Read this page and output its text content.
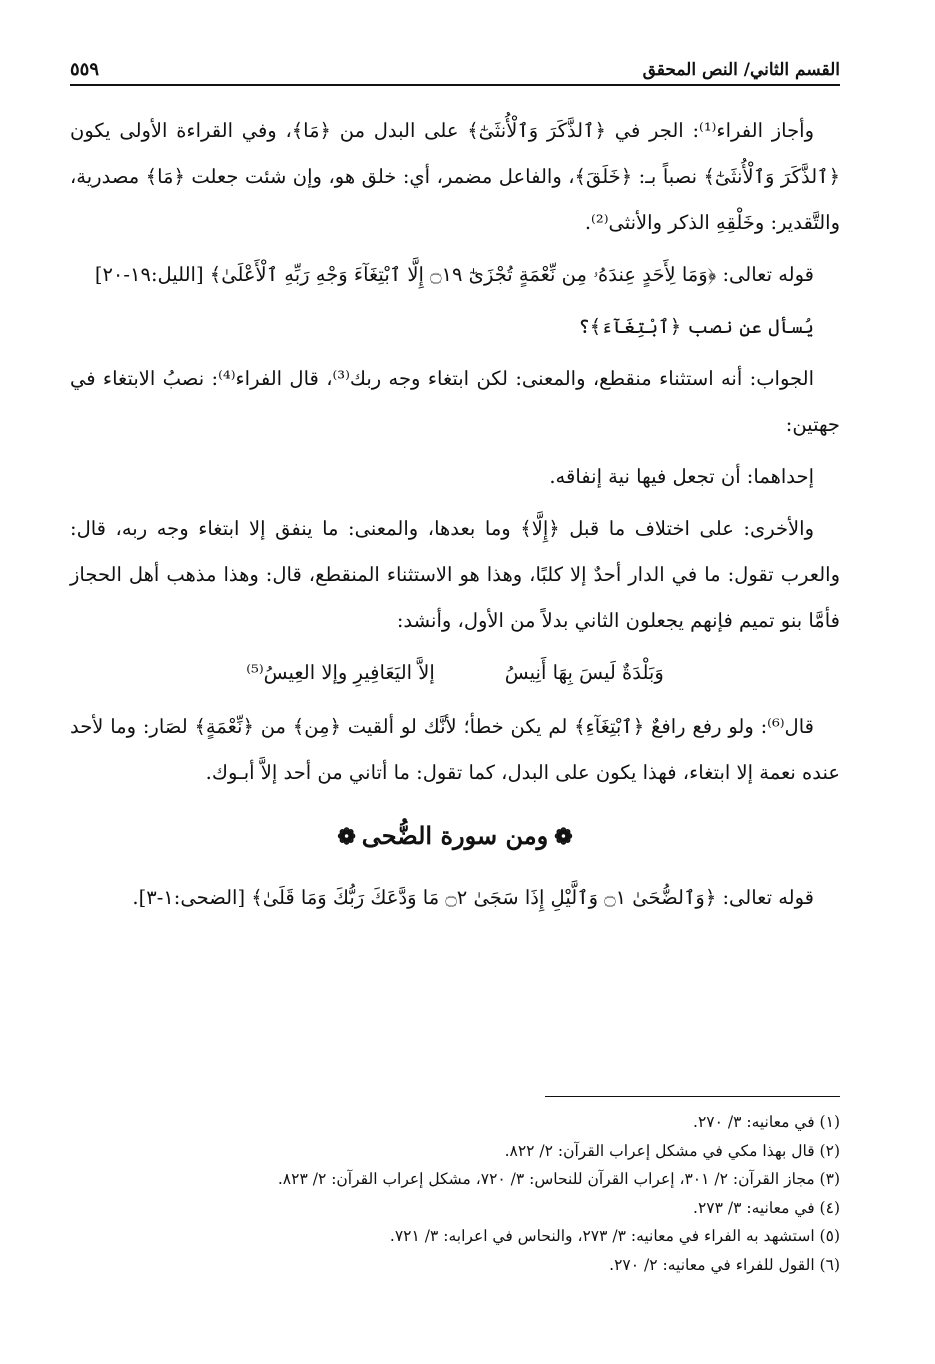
القسم الثاني/ النص المحقق
٥٥٩

وأجاز الفراء⁽¹⁾: الجر في ﴿ٱلذَّكَرَ وَٱلْأُنثَىٰٓ﴾ على البدل من ﴿مَا﴾، وفي القراءة الأولى يكون ﴿ٱلذَّكَرَ وَٱلْأُنثَىٰٓ﴾ نصباً بـ: ﴿خَلَقَ﴾، والفاعل مضمر، أي: خلق هو، وإن شئت جعلت ﴿مَا﴾ مصدرية، والتَّقدير: وخَلْقِهِ الذكر والأنثى⁽²⁾.

قوله تعالى: ﴿وَمَا لِأَحَدٍ عِندَهُۥ مِن نِّعْمَةٍ تُجْزَىٰٓ ۝١٩ إِلَّا ٱبْتِغَآءَ وَجْهِ رَبِّهِ ٱلْأَعْلَىٰ﴾ [الليل:١٩-٢٠]

يُسأل عن نصب ﴿ٱبْتِغَآءَ﴾؟

الجواب: أنه استثناء منقطع، والمعنى: لكن ابتغاء وجه ربك⁽³⁾، قال الفراء⁽⁴⁾: نصبُ الابتغاء في جهتين:

إحداهما: أن تجعل فيها نية إنفاقه.

والأخرى: على اختلاف ما قبل ﴿إِلَّا﴾ وما بعدها، والمعنى: ما ينفق إلا ابتغاء وجه ربه، قال: والعرب تقول: ما في الدار أحدٌ إلا كلبًا، وهذا هو الاستثناء المنقطع، قال: وهذا مذهب أهل الحجاز فأمَّا بنو تميم فإنهم يجعلون الثاني بدلاً من الأول، وأنشد:

وَبَلْدَةٌ لَيسَ بِهَا أَنِيسُ
إلاَّ اليَعَافِيرِ وإلا العِيسُ⁽⁵⁾

قال⁽⁶⁾: ولو رفع رافعٌ ﴿ٱبْتِغَآءِ﴾ لم يكن خطأ؛ لأنَّك لو ألقيت ﴿مِن﴾ من ﴿نِّعْمَةٍ﴾ لصَار: وما لأحد عنده نعمة إلا ابتغاء، فهذا يكون على البدل، كما تقول: ما أتاني من أحد إلاَّ أبـوك.

❁ومن سورة الضُّحى❁

قوله تعالى: ﴿وَٱلضُّحَىٰ ۝١ وَٱلَّيْلِ إِذَا سَجَىٰ ۝٢ مَا وَدَّعَكَ رَبُّكَ وَمَا قَلَىٰ﴾ [الضحى:١-٣].

(١) في معانيه: ٣/ ٢٧٠.
(٢) قال بهذا مكي في مشكل إعراب القرآن: ٢/ ٨٢٢.
(٣) مجاز القرآن: ٢/ ٣٠١، إعراب القرآن للنحاس: ٣/ ٧٢٠، مشكل إعراب القرآن: ٢/ ٨٢٣.
(٤) في معانيه: ٣/ ٢٧٣.
(٥) استشهد به الفراء في معانيه: ٣/ ٢٧٣، والنحاس في اعرابه: ٣/ ٧٢١.
(٦) القول للفراء في معانيه: ٢/ ٢٧٠.
